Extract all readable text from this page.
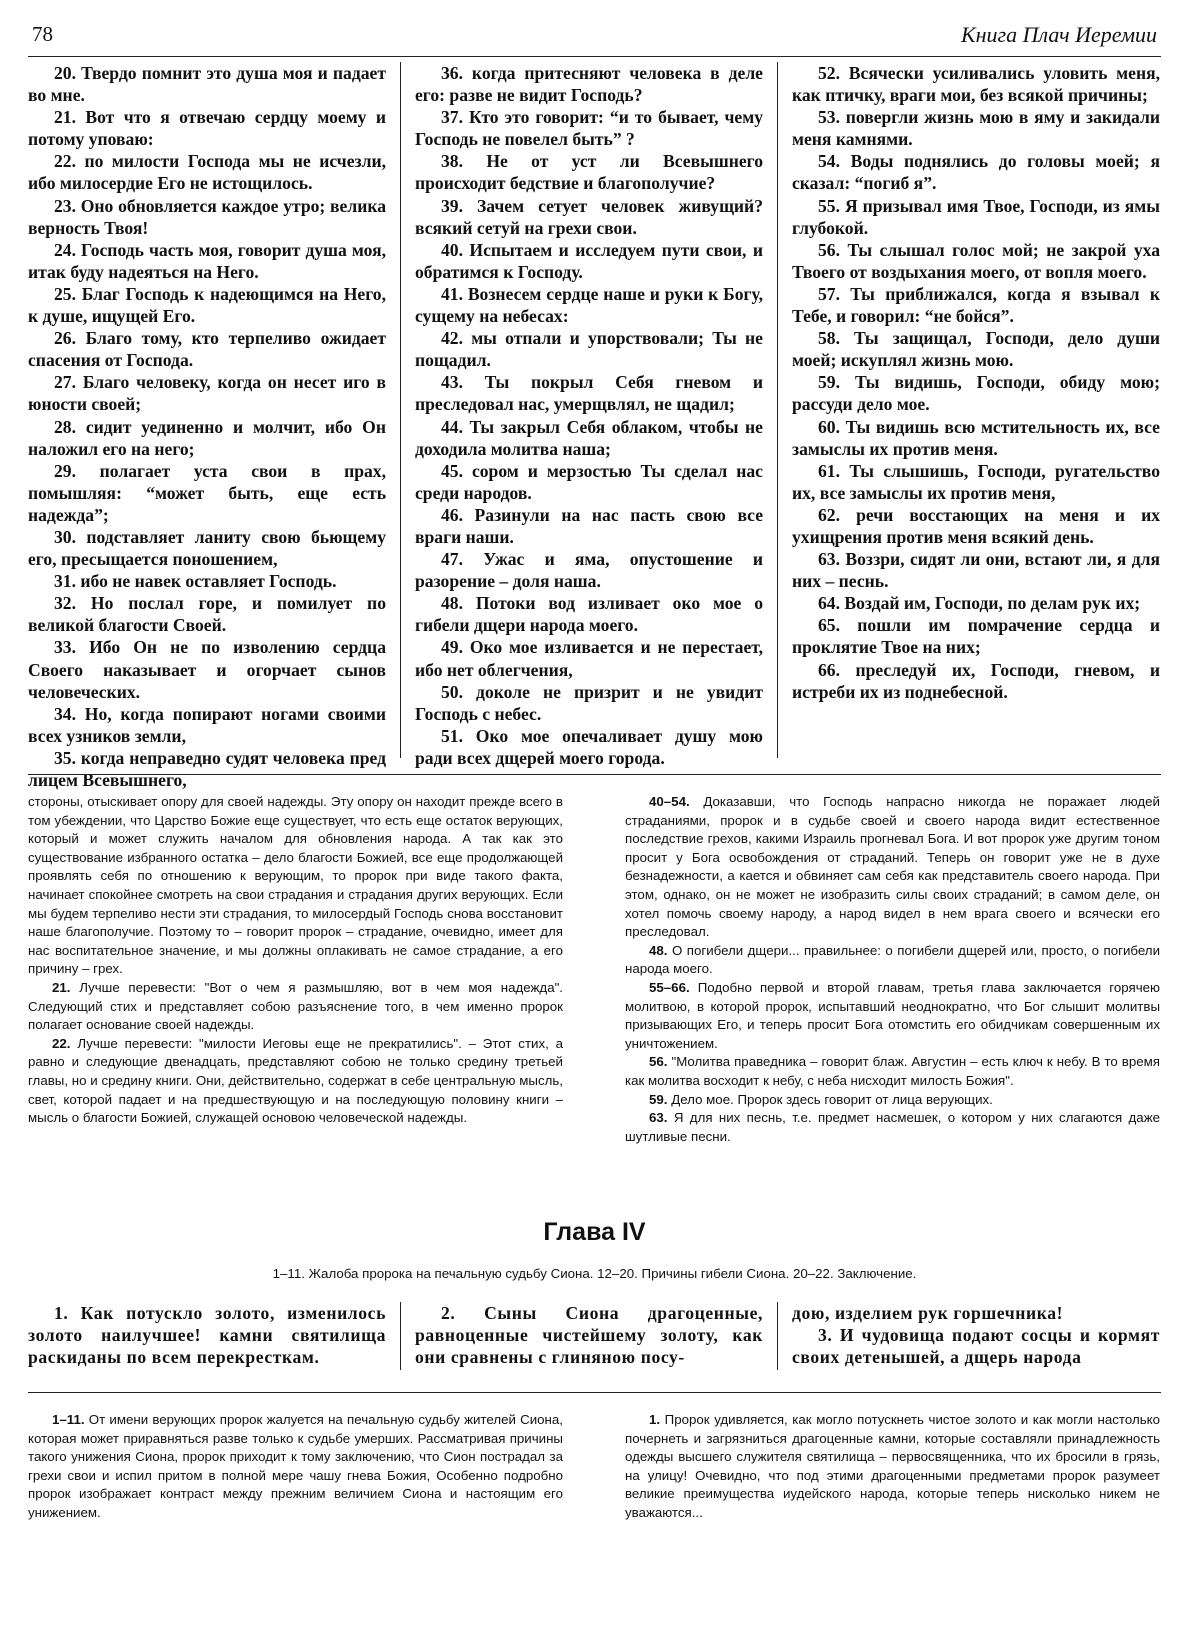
78	Книга Плач Иеремии

20. Твердо помнит это душа моя и падает во мне.

21. Вот что я отвечаю сердцу моему и потому уповаю:

22. по милости Господа мы не исчезли, ибо милосердие Его не истощилось.

23. Оно обновляется каждое утро; велика верность Твоя!

24. Господь часть моя, говорит душа моя, итак буду надеяться на Него.

25. Благ Господь к надеющимся на Него, к душе, ищущей Его.

26. Благо тому, кто терпеливо ожидает спасения от Господа.

27. Благо человеку, когда он несет иго в юности своей;

28. сидит уединенно и молчит, ибо Он наложил его на него;

29. полагает уста свои в прах, помышляя: “может быть, еще есть надежда”;

30. подставляет ланиту свою бьющему его, пресыщается поношением,

31. ибо не навек оставляет Господь.

32. Но послал горе, и помилует по великой благости Своей.

33. Ибо Он не по изволению сердца Своего наказывает и огорчает сынов человеческих.

34. Но, когда попирают ногами своими всех узников земли,

35. когда неправедно судят человека пред лицем Всевышнего,

36. когда притесняют человека в деле его: разве не видит Господь?

37. Кто это говорит: “и то бывает, чему Господь не повелел быть” ?

38. Не от уст ли Всевышнего происходит бедствие и благополучие?

39. Зачем сетует человек живущий? всякий сетуй на грехи свои.

40. Испытаем и исследуем пути свои, и обратимся к Господу.

41. Вознесем сердце наше и руки к Богу, сущему на небесах:

42. мы отпали и упорствовали; Ты не пощадил.

43. Ты покрыл Себя гневом и преследовал нас, умерщвлял, не щадил;

44. Ты закрыл Себя облаком, чтобы не доходила молитва наша;

45. сором и мерзостью Ты сделал нас среди народов.

46. Разинули на нас пасть свою все враги наши.

47. Ужас и яма, опустошение и разорение – доля наша.

48. Потоки вод изливает око мое о гибели дщери народа моего.

49. Око мое изливается и не перестает, ибо нет облегчения,

50. доколе не призрит и не увидит Господь с небес.

51. Око мое опечаливает душу мою ради всех дщерей моего города.

52. Всячески усиливались уловить меня, как птичку, враги мои, без всякой причины;

53. повергли жизнь мою в яму и закидали меня камнями.

54. Воды поднялись до головы моей; я сказал: “погиб я”.

55. Я призывал имя Твое, Господи, из ямы глубокой.

56. Ты слышал голос мой; не закрой уха Твоего от воздыхания моего, от вопля моего.

57. Ты приближался, когда я взывал к Тебе, и говорил: “не бойся”.

58. Ты защищал, Господи, дело души моей; искуплял жизнь мою.

59. Ты видишь, Господи, обиду мою; рассуди дело мое.

60. Ты видишь всю мстительность их, все замыслы их против меня.

61. Ты слышишь, Господи, ругательство их, все замыслы их против меня,

62. речи восстающих на меня и их ухищрения против меня всякий день.

63. Воззри, сидят ли они, встают ли, я для них – песнь.

64. Воздай им, Господи, по делам рук их;

65. пошли им помрачение сердца и проклятие Твое на них;

66. преследуй их, Господи, гневом, и истреби их из поднебесной.

стороны, отыскивает опору для своей надежды. Эту опору он находит прежде всего в том убеждении, что Царство Божие еще существует, что есть еще остаток верующих, который и может служить началом для обновления народа. А так как это существование избранного остатка – дело благости Божией, все еще продолжающей проявлять себя по отношению к верующим, то пророк при виде такого факта, начинает спокойнее смотреть на свои страдания и страдания других верующих. Если мы будем терпеливо нести эти страдания, то милосердый Господь снова восстановит наше благополучие. Поэтому то – говорит пророк – страдание, очевидно, имеет для нас воспитательное значение, и мы должны оплакивать не самое страдание, а его причину – грех.

21. Лучше перевести: "Вот о чем я размышляю, вот в чем моя надежда". Следующий стих и представляет собою разъяснение того, в чем именно пророк полагает основание своей надежды.

22. Лучше перевести: "милости Иеговы еще не прекратились". – Этот стих, а равно и следующие двенадцать, представляют собою не только средину третьей главы, но и средину книги. Они, действительно, содержат в себе центральную мысль, свет, которой падает и на предшествующую и на последующую половину книги – мысль о благости Божией, служащей основою человеческой надежды.

40–54. Доказавши, что Господь напрасно никогда не поражает людей страданиями, пророк и в судьбе своей и своего народа видит естественное последствие грехов, какими Израиль прогневал Бога. И вот пророк уже другим тоном просит у Бога освобождения от страданий. Теперь он говорит уже не в духе безнадежности, а кается и обвиняет сам себя как представитель своего народа. При этом, однако, он не может не изобразить силы своих страданий; в самом деле, он хотел помочь своему народу, а народ видел в нем врага своего и всячески его преследовал.

48. О погибели дщери... правильнее: о погибели дщерей или, просто, о погибели народа моего.

55–66. Подобно первой и второй главам, третья глава заключается горячею молитвою, в которой пророк, испытавший неоднократно, что Бог слышит молитвы призывающих Его, и теперь просит Бога отомстить его обидчикам совершенным их уничтожением.

56. "Молитва праведника – говорит блаж. Августин – есть ключ к небу. В то время как молитва восходит к небу, с неба нисходит милость Божия".

59. Дело мое. Пророк здесь говорит от лица верующих.

63. Я для них песнь, т.е. предмет насмешек, о котором у них слагаются даже шутливые песни.

Глава IV
1–11. Жалоба пророка на печальную судьбу Сиона. 12–20. Причины гибели Сиона. 20–22. Заключение.

1. Как потускло золото, изменилось золото наилучшее! камни святилища раскиданы по всем перекресткам.

2. Сыны Сиона драгоценные, равноценные чистейшему золоту, как они сравнены с глиняною посу-

дою, изделием рук горшечника!

3. И чудовища подают сосцы и кормят своих детенышей, а дщерь народа

1–11. От имени верующих пророк жалуется на печальную судьбу жителей Сиона, которая может приравняться разве только к судьбе умерших. Рассматривая причины такого унижения Сиона, пророк приходит к тому заключению, что Сион пострадал за грехи свои и испил притом в полной мере чашу гнева Божия, Особенно подробно пророк изображает контраст между прежним величием Сиона и настоящим его унижением.

1. Пророк удивляется, как могло потускнеть чистое золото и как могли настолько почернеть и загрязниться драгоценные камни, которые составляли принадлежность одежды высшего служителя святилища – первосвященника, что их бросили в грязь, на улицу! Очевидно, что под этими драгоценными предметами пророк разумеет великие преимущества иудейского народа, которые теперь нисколько никем не уважаются...
